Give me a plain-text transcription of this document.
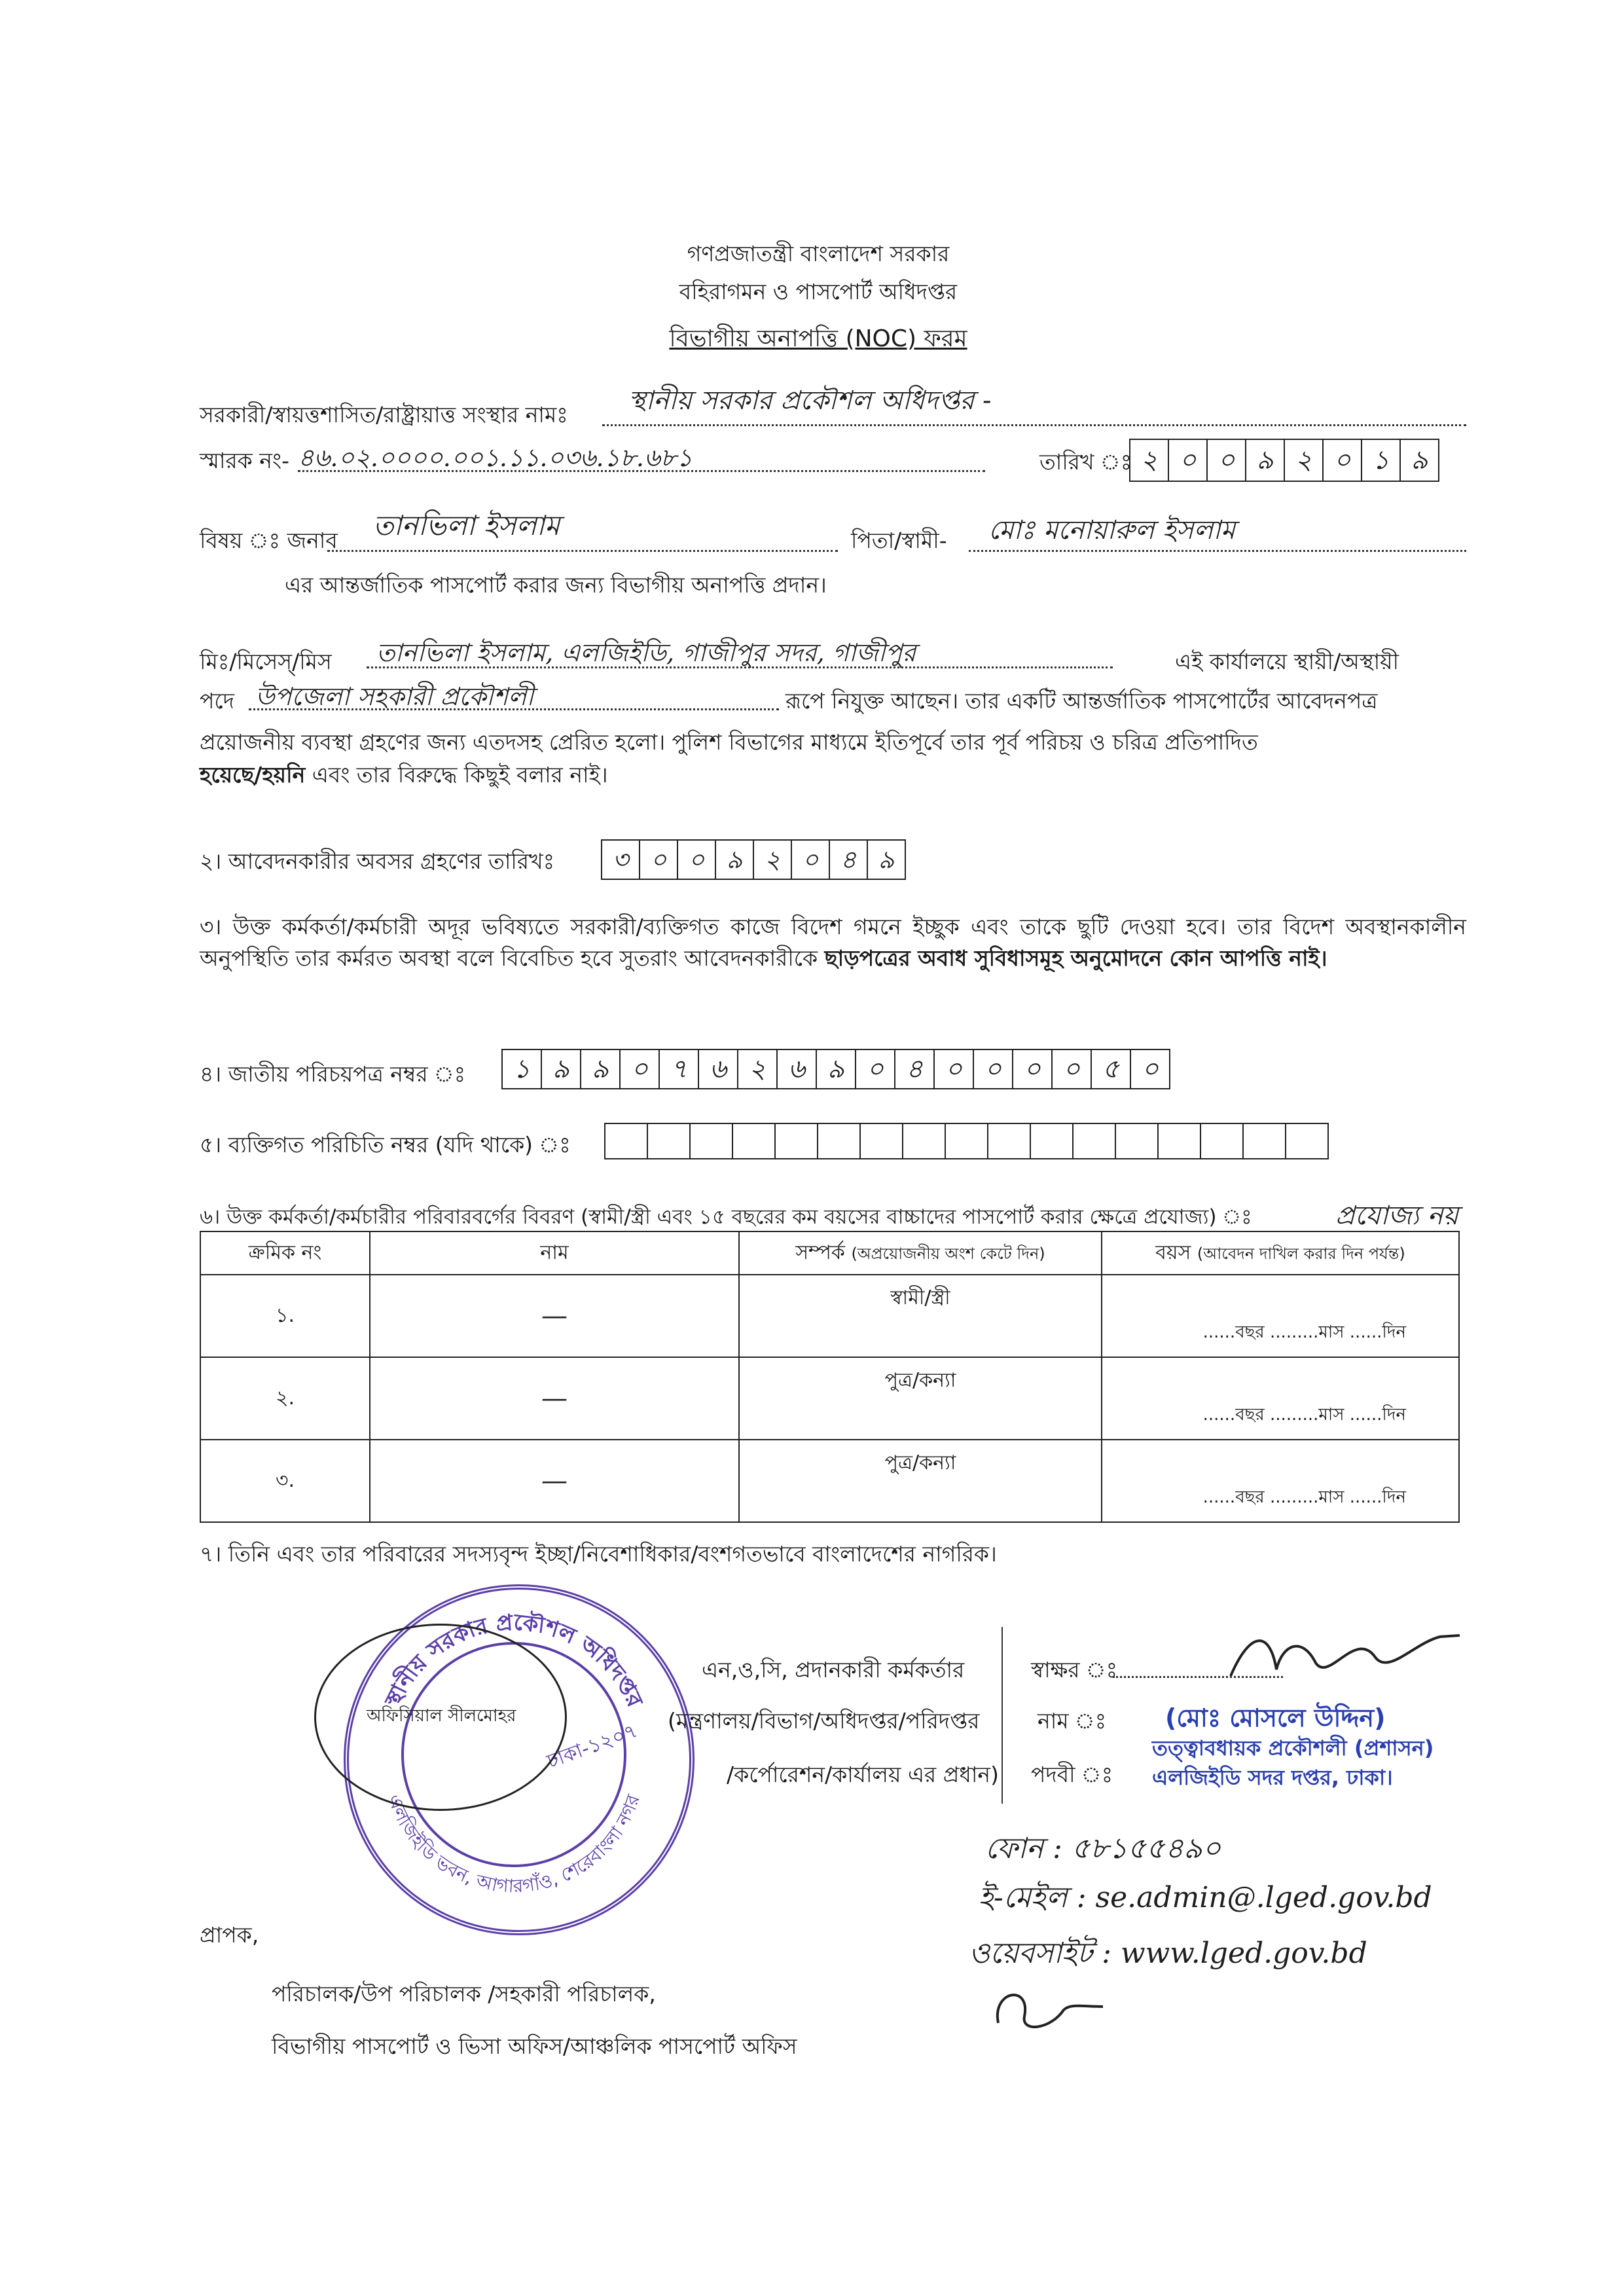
গণপ্রজাতন্ত্রী বাংলাদেশ সরকার
বহিরাগমন ও পাসপোর্ট অধিদপ্তর
বিভাগীয় অনাপত্তি (NOC) ফরম
সরকারী/স্বায়ত্তশাসিত/রাষ্ট্রায়াত্ত সংস্থার নামঃ স্থানীয় সরকার প্রকৌশল অধিদপ্তর -
স্মারক নং- ৪৬.০২.০০০০.০০১.১১.০৩৬.১৮.৬৮১	তারিখ ঃ ২ ০ ০ ৯ ২ ০ ১ ৯
বিষয় ঃ জনাব তানভিলা ইসলাম	পিতা/স্বামী- মোঃ মনোয়ারুল ইসলাম
এর আন্তর্জাতিক পাসপোর্ট করার জন্য বিভাগীয় অনাপত্তি প্রদান।
মিঃ/মিসেস্/মিস তানভিলা ইসলাম, এলজিইডি, গাজীপুর সদর, গাজীপুর	এই কার্যালয়ে স্থায়ী/অস্থায়ী
পদে উপজেলা সহকারী প্রকৌশলী	রূপে নিযুক্ত আছেন। তার একটি আন্তর্জাতিক পাসপোর্টের আবেদনপত্র
প্রয়োজনীয় ব্যবস্থা গ্রহণের জন্য এতদসহ প্রেরিত হলো। পুলিশ বিভাগের মাধ্যমে ইতিপূর্বে তার পূর্ব পরিচয় ও চরিত্র প্রতিপাদিত
হয়েছে/হয়নি এবং তার বিরুদ্ধে কিছুই বলার নাই।
২। আবেদনকারীর অবসর গ্রহণের তারিখঃ	৩ ০ ০ ৯ ২ ০ ৪ ৯
৩। উক্ত কর্মকর্তা/কর্মচারী অদূর ভবিষ্যতে সরকারী/ব্যক্তিগত কাজে বিদেশ গমনে ইচ্ছুক এবং তাকে ছুটি দেওয়া হবে। তার বিদেশ অবস্থানকালীন অনুপস্থিতি তার কর্মরত অবস্থা বলে বিবেচিত হবে সুতরাং আবেদনকারীকে ছাড়পত্রের অবাধ সুবিধাসমূহ অনুমোদনে কোন আপত্তি নাই।
৪। জাতীয় পরিচয়পত্র নম্বর ঃ	১ ৯ ৯ ০ ৭ ৬ ২ ৬ ৯ ০ ৪ ০ ০ ০ ০ ৫ ০
৫। ব্যক্তিগত পরিচিতি নম্বর (যদি থাকে) ঃ
৬। উক্ত কর্মকর্তা/কর্মচারীর পরিবারবর্গের বিবরণ (স্বামী/স্ত্রী এবং ১৫ বছরের কম বয়সের বাচ্চাদের পাসপোর্ট করার ক্ষেত্রে প্রযোজ্য) ঃ	প্রযোজ্য নয়
ক্রমিক নং	নাম	সম্পর্ক (অপ্রয়োজনীয় অংশ কেটে দিন)	বয়স (আবেদন দাখিল করার দিন পর্যন্ত)
১.	—	স্বামী/স্ত্রী	......বছর .........মাস ......দিন
২.	—	পুত্র/কন্যা	......বছর .........মাস ......দিন
৩.	—	পুত্র/কন্যা	......বছর .........মাস ......দিন
৭। তিনি এবং তার পরিবারের সদস্যবৃন্দ ইচ্ছা/নিবেশাধিকার/বংশগতভাবে বাংলাদেশের নাগরিক।
স্থানীয় সরকার প্রকৌশল অধিদপ্তর
এলজিইডি ভবন, আগারগাঁও, শেরেবাংলা নগর
ঢাকা-১২০৭
অফিসিয়াল সীলমোহর
এন,ও,সি, প্রদানকারী কর্মকর্তার
(মন্ত্রণালয়/বিভাগ/অধিদপ্তর/পরিদপ্তর
/কর্পোরেশন/কার্যালয় এর প্রধান)
স্বাক্ষর ঃ
নাম ঃ (মোঃ মোসলে উদ্দিন)
পদবী ঃ
তত্ত্বাবধায়ক প্রকৌশলী (প্রশাসন)
এলজিইডি সদর দপ্তর, ঢাকা।
ফোন : ৫৮১৫৫৪৯০
ই-মেইল : se.admin@.lged.gov.bd
ওয়েবসাইট : www.lged.gov.bd
প্রাপক,
পরিচালক/উপ পরিচালক /সহকারী পরিচালক,
বিভাগীয় পাসপোর্ট ও ভিসা অফিস/আঞ্চলিক পাসপোর্ট অফিস
